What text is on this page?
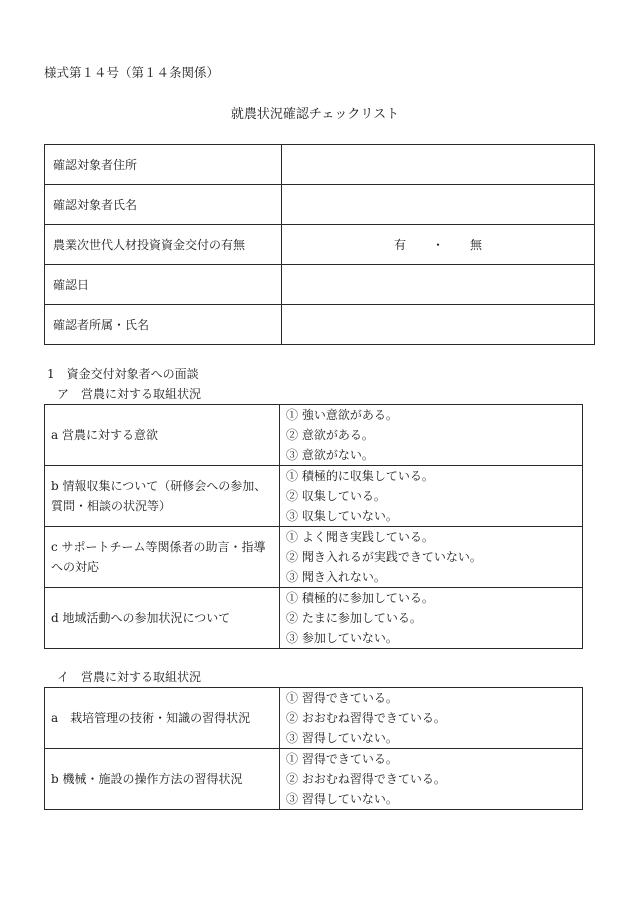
様式第１４号（第１４条関係）
就農状況確認チェックリスト
確認対象者住所	
確認対象者氏名	
農業次世代人材投資資金交付の有無	有 ・ 無
確認日	
確認者所属・氏名	
1　資金交付対象者への面談
ア　営農に対する取組状況
a 営農に対する意欲	① 強い意欲がある。
② 意欲がある。
③ 意欲がない。

b 情報収集について（研修会への参加、質問・相談の状況等）	① 積極的に収集している。
② 収集している。
③ 収集していない。

c サポートチーム等関係者の助言・指導への対応	① よく聞き実践している。
② 聞き入れるが実践できていない。
③ 聞き入れない。

d 地域活動への参加状況について	① 積極的に参加している。
② たまに参加している。
③ 参加していない。
イ　営農に対する取組状況
a　栽培管理の技術・知識の習得状況	① 習得できている。
② おおむね習得できている。
③ 習得していない。

b 機械・施設の操作方法の習得状況	① 習得できている。
② おおむね習得できている。
③ 習得していない。
